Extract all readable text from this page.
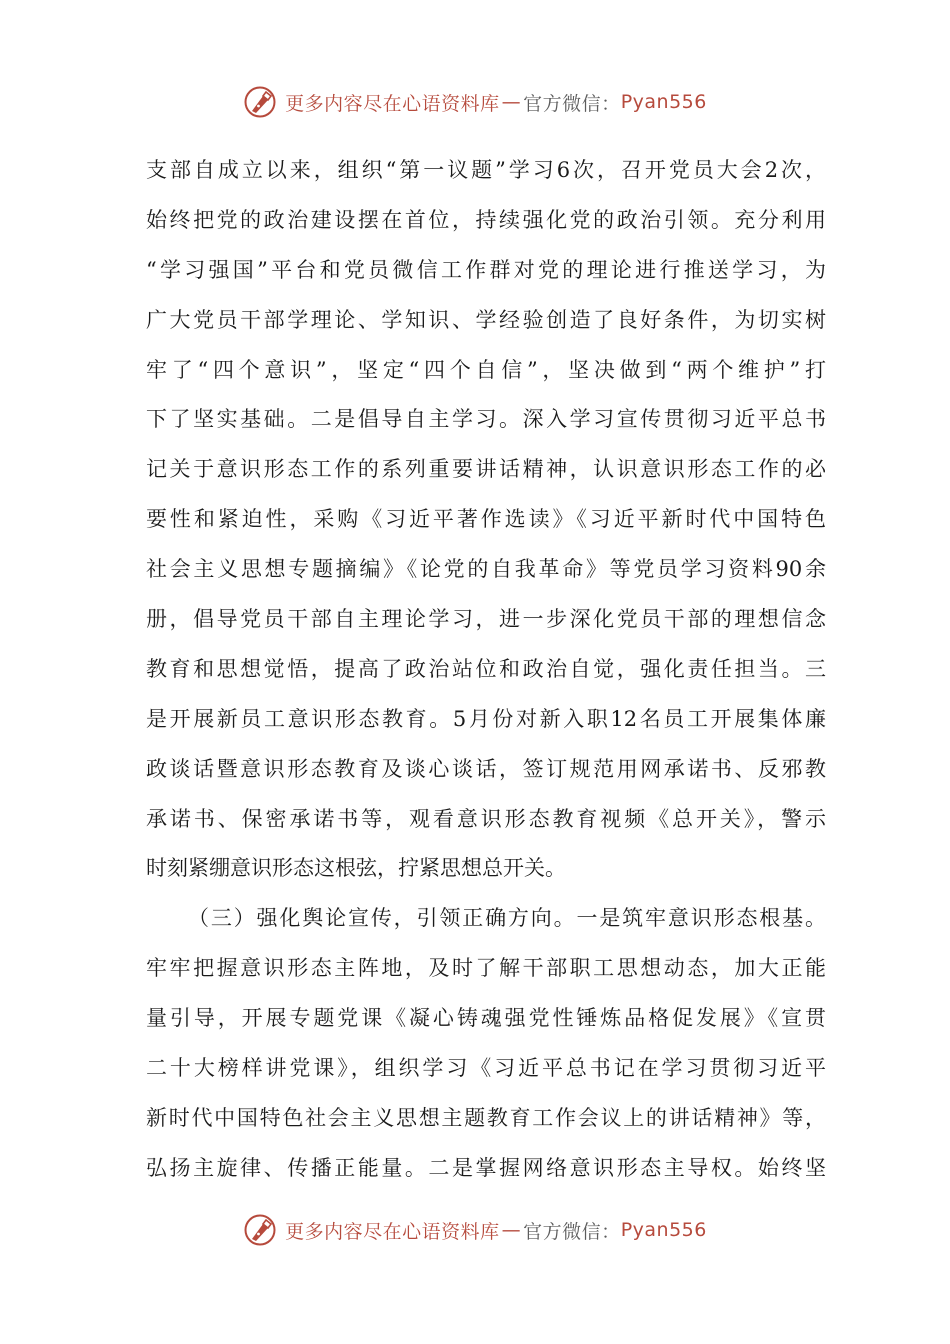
更多内容尽在心语资料库 — 官方微信： Pyan556
支部自成立以来，组织“第一议题”学习6次，召开党员大会2次，
始终把党的政治建设摆在首位，持续强化党的政治引领。充分利用
“学习强国”平台和党员微信工作群对党的理论进行推送学习，为
广大党员干部学理论、学知识、学经验创造了良好条件，为切实树
牢了“四个意识”，坚定“四个自信”，坚决做到“两个维护”打
下了坚实基础。二是倡导自主学习。深入学习宣传贯彻习近平总书
记关于意识形态工作的系列重要讲话精神，认识意识形态工作的必
要性和紧迫性，采购《习近平著作选读》《习近平新时代中国特色
社会主义思想专题摘编》《论党的自我革命》等党员学习资料90余
册，倡导党员干部自主理论学习，进一步深化党员干部的理想信念
教育和思想觉悟，提高了政治站位和政治自觉，强化责任担当。三
是开展新员工意识形态教育。5月份对新入职12名员工开展集体廉
政谈话暨意识形态教育及谈心谈话，签订规范用网承诺书、反邪教
承诺书、保密承诺书等，观看意识形态教育视频《总开关》，警示
时刻紧绷意识形态这根弦，拧紧思想总开关。
（三）强化舆论宣传，引领正确方向。一是筑牢意识形态根基。
牢牢把握意识形态主阵地，及时了解干部职工思想动态，加大正能
量引导，开展专题党课《凝心铸魂强党性锤炼品格促发展》《宣贯
二十大榜样讲党课》，组织学习《习近平总书记在学习贯彻习近平
新时代中国特色社会主义思想主题教育工作会议上的讲话精神》等，
弘扬主旋律、传播正能量。二是掌握网络意识形态主导权。始终坚
更多内容尽在心语资料库 — 官方微信： Pyan556
